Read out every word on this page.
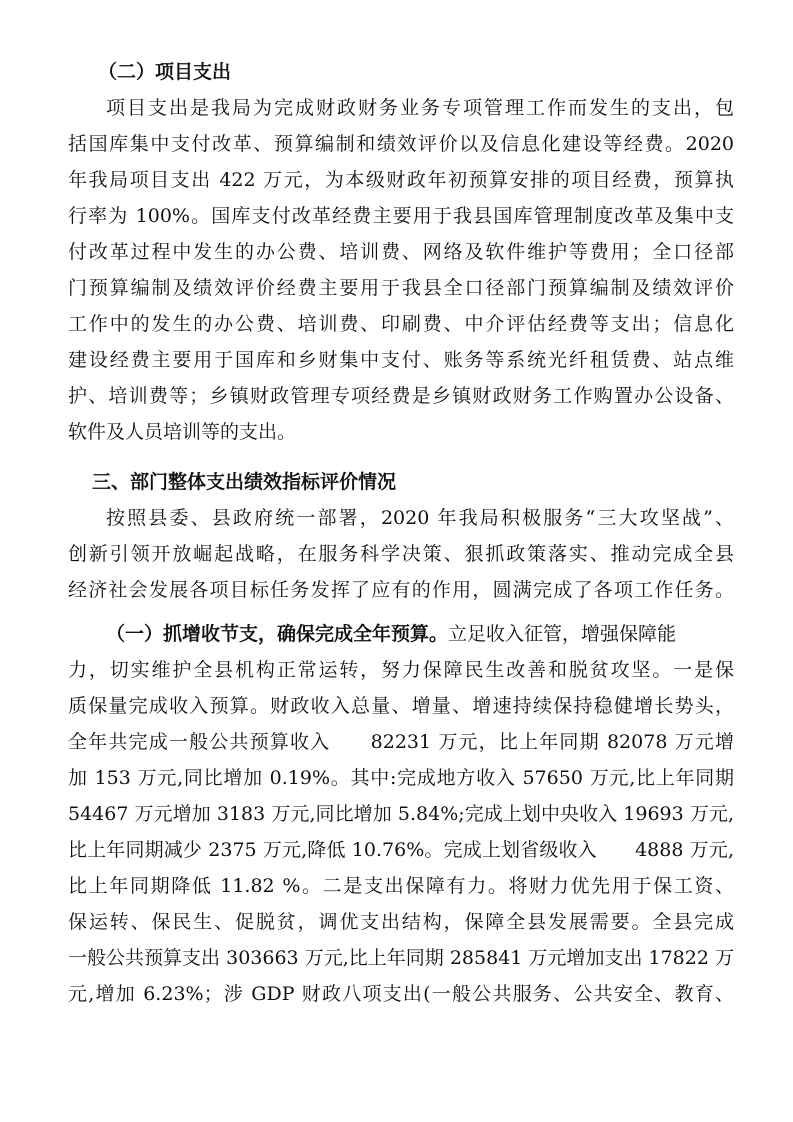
（二）项目支出
项目支出是我局为完成财政财务业务专项管理工作而发生的支出，包
括国库集中支付改革、预算编制和绩效评价以及信息化建设等经费。2020
年我局项目支出 422 万元，为本级财政年初预算安排的项目经费，预算执
行率为 100%。国库支付改革经费主要用于我县国库管理制度改革及集中支
付改革过程中发生的办公费、培训费、网络及软件维护等费用；全口径部
门预算编制及绩效评价经费主要用于我县全口径部门预算编制及绩效评价
工作中的发生的办公费、培训费、印刷费、中介评估经费等支出；信息化
建设经费主要用于国库和乡财集中支付、账务等系统光纤租赁费、站点维
护、培训费等；乡镇财政管理专项经费是乡镇财政财务工作购置办公设备、
软件及人员培训等的支出。
三、部门整体支出绩效指标评价情况
按照县委、县政府统一部署，2020 年我局积极服务“三大攻坚战”、
创新引领开放崛起战略，在服务科学决策、狠抓政策落实、推动完成全县
经济社会发展各项目标任务发挥了应有的作用，圆满完成了各项工作任务。
（一）抓增收节支，确保完成全年预算。立足收入征管，增强保障能
力，切实维护全县机构正常运转，努力保障民生改善和脱贫攻坚。一是保
质保量完成收入预算。财政收入总量、增量、增速持续保持稳健增长势头，
全年共完成一般公共预算收入　　82231 万元，比上年同期 82078 万元增
加 153 万元,同比增加 0.19%。其中:完成地方收入 57650 万元,比上年同期
54467 万元增加 3183 万元,同比增加 5.84%;完成上划中央收入 19693 万元,
比上年同期减少 2375 万元,降低 10.76%。完成上划省级收入　　4888 万元,
比上年同期降低 11.82 %。二是支出保障有力。将财力优先用于保工资、
保运转、保民生、促脱贫，调优支出结构，保障全县发展需要。全县完成
一般公共预算支出 303663 万元,比上年同期 285841 万元增加支出 17822 万
元,增加 6.23%；涉 GDP 财政八项支出(一般公共服务、公共安全、教育、
